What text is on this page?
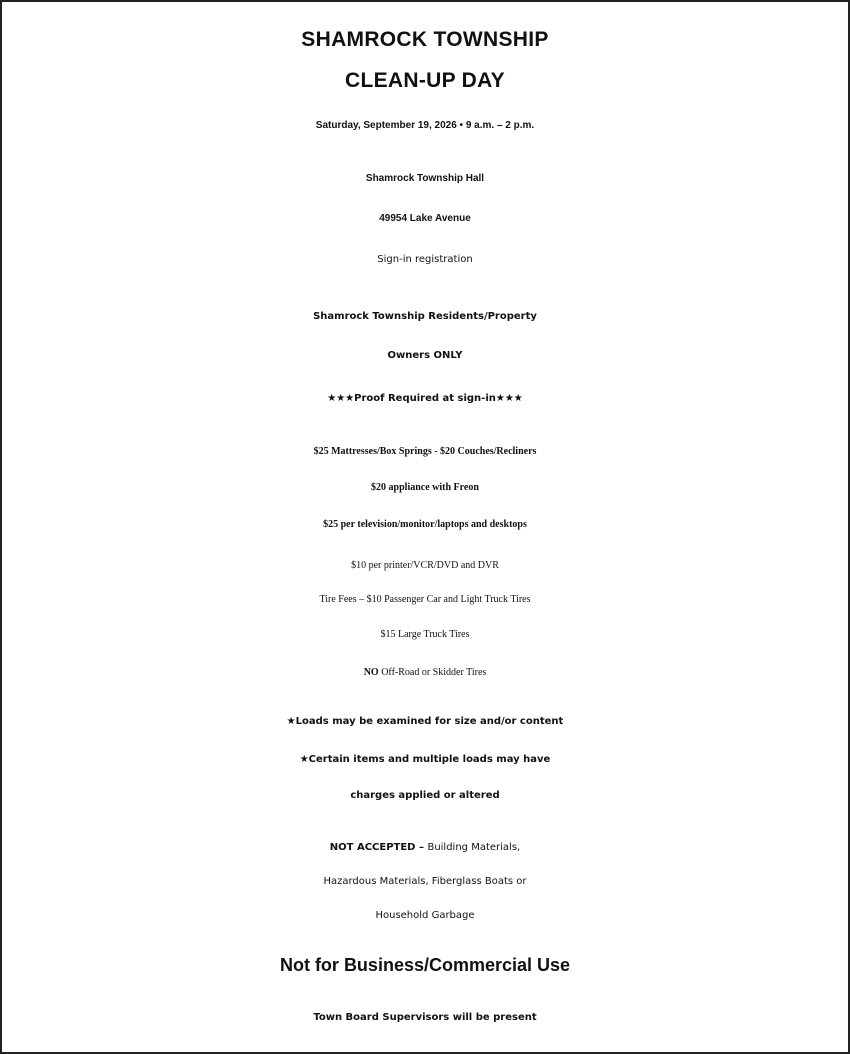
SHAMROCK TOWNSHIP
CLEAN-UP DAY
Saturday, September 19, 2026 • 9 a.m. – 2 p.m.
Shamrock Township Hall
49954 Lake Avenue
Sign-in registration
Shamrock Township Residents/Property
Owners ONLY
★★★Proof Required at sign-in★★★
$25 Mattresses/Box Springs - $20 Couches/Recliners
$20 appliance with Freon
$25 per television/monitor/laptops and desktops
$10 per printer/VCR/DVD and DVR
Tire Fees – $10 Passenger Car and Light Truck Tires
$15 Large Truck Tires
NO Off-Road or Skidder Tires
★Loads may be examined for size and/or content
★Certain items and multiple loads may have
charges applied or altered
NOT ACCEPTED – Building Materials,
Hazardous Materials, Fiberglass Boats or
Household Garbage
Not for Business/Commercial Use
Town Board Supervisors will be present
